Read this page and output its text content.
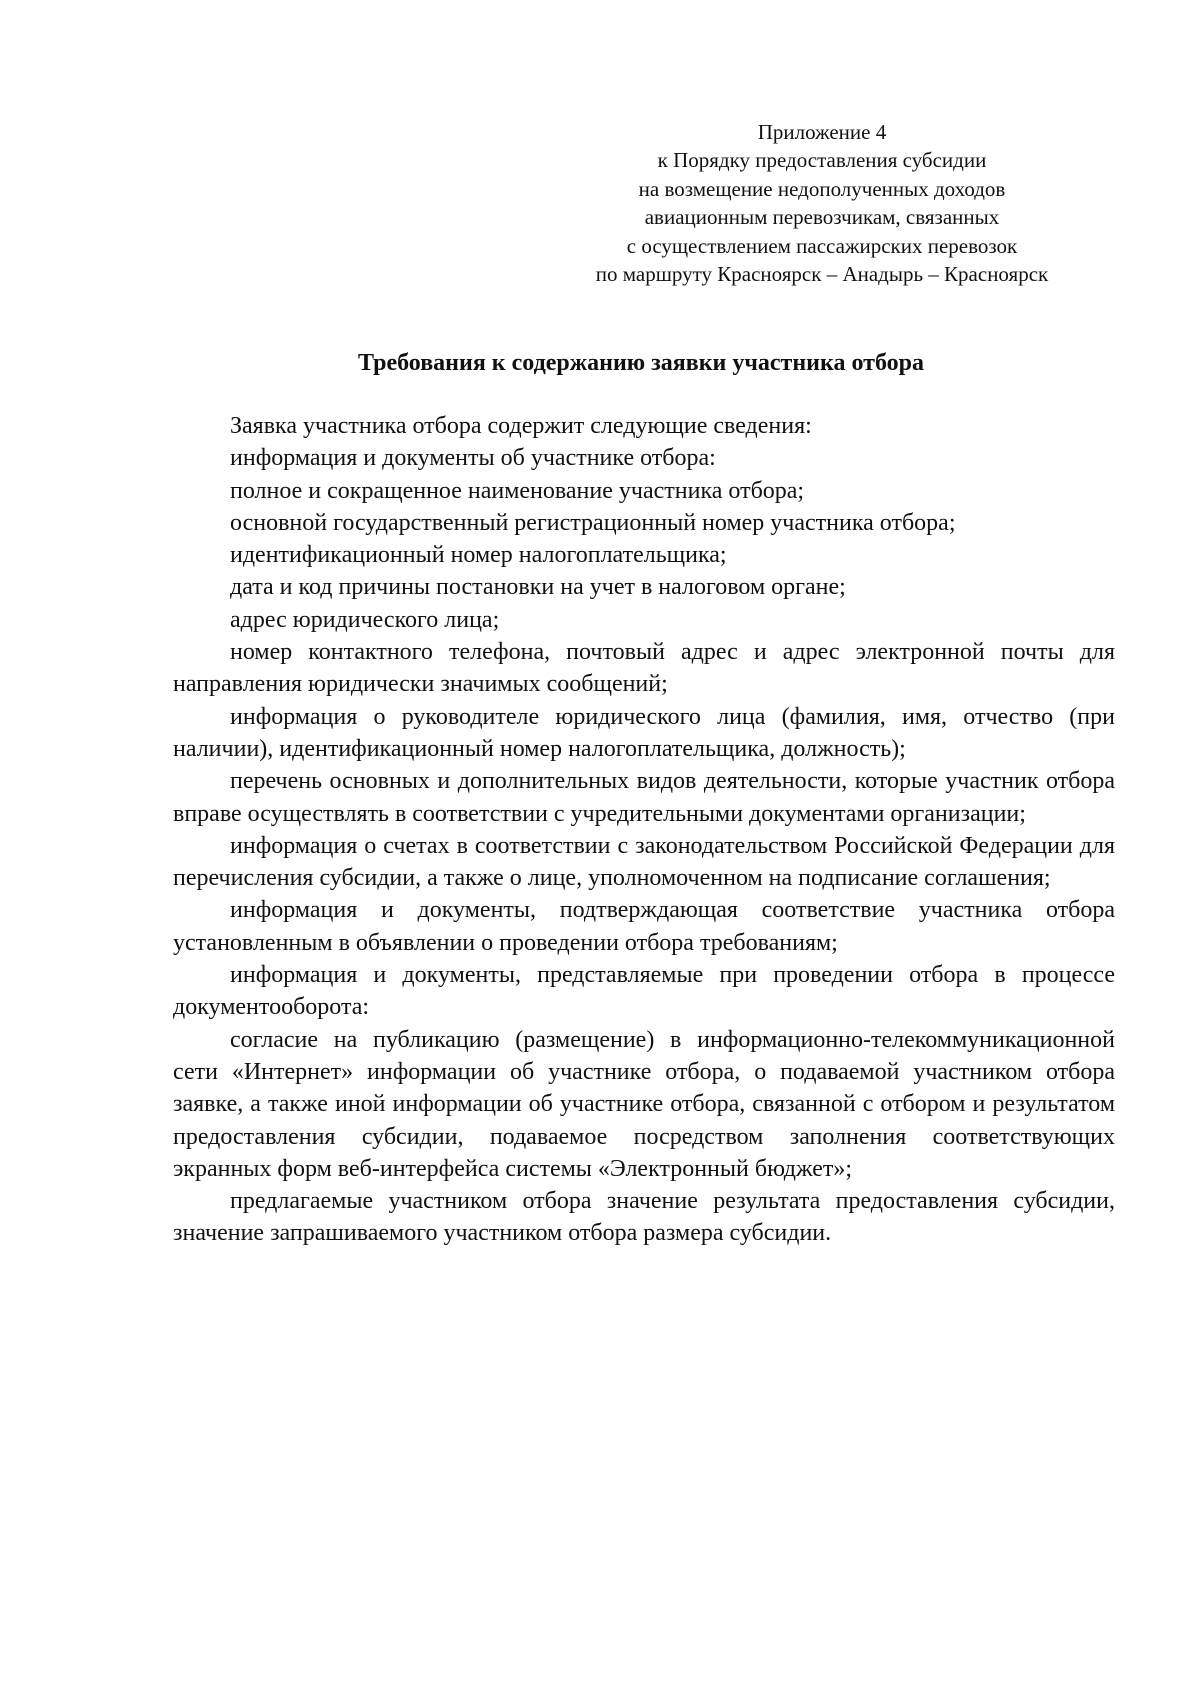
Приложение 4
к Порядку предоставления субсидии
на возмещение недополученных доходов
авиационным перевозчикам, связанных
с осуществлением пассажирских перевозок
по маршруту Красноярск – Анадырь – Красноярск
Требования к содержанию заявки участника отбора

Заявка участника отбора содержит следующие сведения:

информация и документы об участнике отбора:

полное и сокращенное наименование участника отбора;

основной государственный регистрационный номер участника отбора;

идентификационный номер налогоплательщика;

дата и код причины постановки на учет в налоговом органе;

адрес юридического лица;

номер контактного телефона, почтовый адрес и адрес электронной почты для направления юридически значимых сообщений;

информация о руководителе юридического лица (фамилия, имя, отчество (при наличии), идентификационный номер налогоплательщика, должность);

перечень основных и дополнительных видов деятельности, которые участник отбора вправе осуществлять в соответствии с учредительными документами организации;

информация о счетах в соответствии с законодательством Российской Федерации для перечисления субсидии, а также о лице, уполномоченном на подписание соглашения;

информация и документы, подтверждающая соответствие участника отбора установленным в объявлении о проведении отбора требованиям;

информация и документы, представляемые при проведении отбора в процессе документооборота:

согласие на публикацию (размещение) в информационно-телекоммуникационной сети «Интернет» информации об участнике отбора, о подаваемой участником отбора заявке, а также иной информации об участнике отбора, связанной с отбором и результатом предоставления субсидии, подаваемое посредством заполнения соответствующих экранных форм веб-интерфейса системы «Электронный бюджет»;

предлагаемые участником отбора значение результата предоставления субсидии, значение запрашиваемого участником отбора размера субсидии.
